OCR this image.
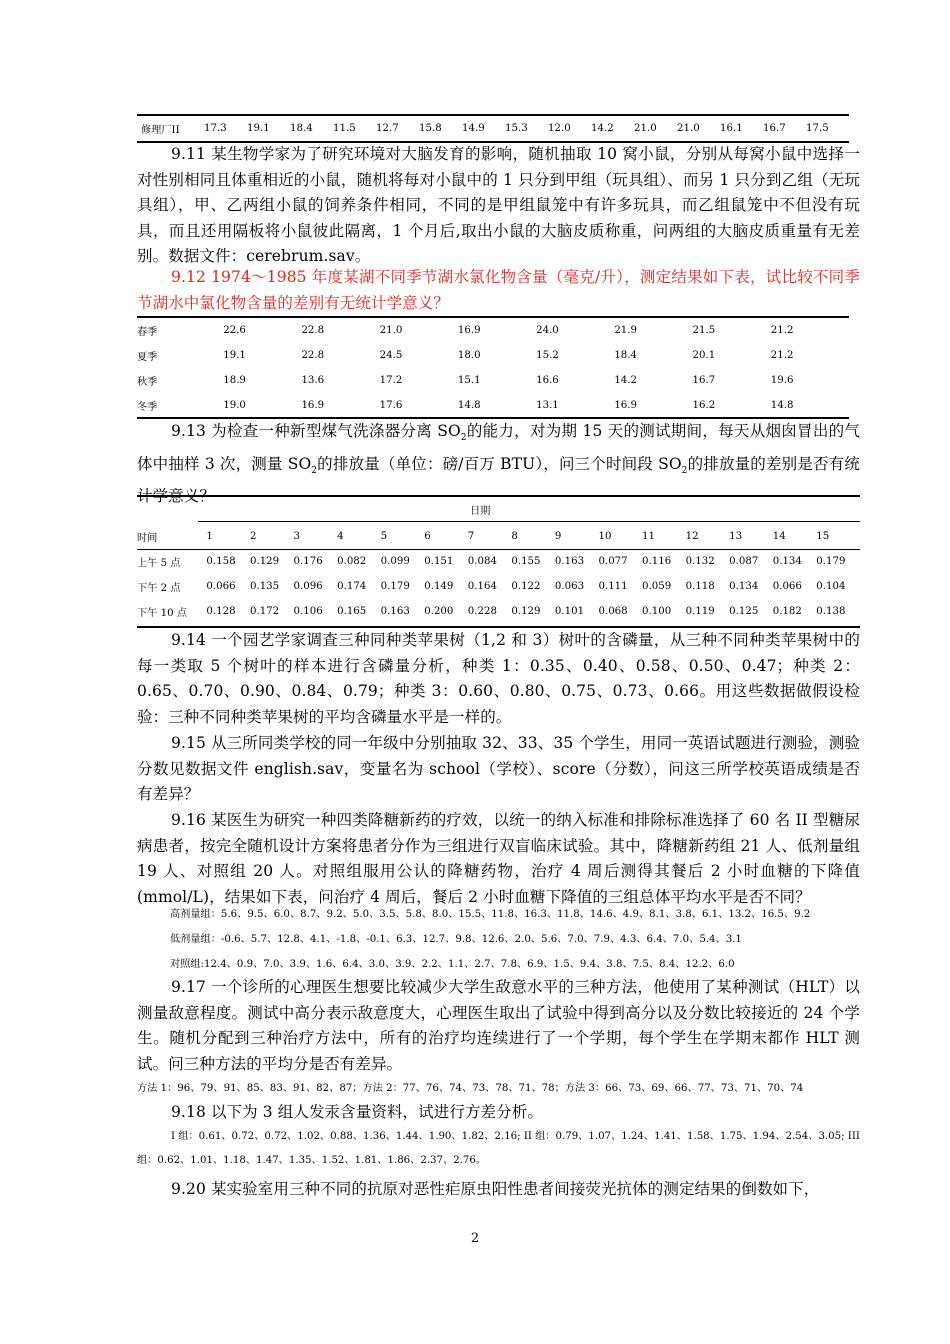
修理厂II	17.3	19.1	18.4	11.5	12.7	15.8	14.9	15.3	12.0	14.2	21.0	21.0	16.1	16.7	17.5
9.11 某生物学家为了研究环境对大脑发育的影响，随机抽取 10 窝小鼠，分别从每窝小鼠中选择一对性别相同且体重相近的小鼠，随机将每对小鼠中的 1 只分到甲组（玩具组）、而另 1 只分到乙组（无玩具组），甲、乙两组小鼠的饲养条件相同，不同的是甲组鼠笼中有许多玩具，而乙组鼠笼中不但没有玩具，而且还用隔板将小鼠彼此隔离，1 个月后,取出小鼠的大脑皮质称重，问两组的大脑皮质重量有无差别。数据文件：cerebrum.sav。
9.12 1974～1985 年度某湖不同季节湖水氯化物含量（毫克/升），测定结果如下表，试比较不同季节湖水中氯化物含量的差别有无统计学意义？
春季	22.6	22.8	21.0	16.9	24.0	21.9	21.5	21.2
夏季	19.1	22.8	24.5	18.0	15.2	18.4	20.1	21.2
秋季	18.9	13.6	17.2	15.1	16.6	14.2	16.7	19.6
冬季	19.0	16.9	17.6	14.8	13.1	16.9	16.2	14.8
9.13 为检查一种新型煤气洗涤器分离 $SO_2$的能力，对为期 15 天的测试期间，每天从烟囱冒出的气体中抽样 3 次，测量 $SO_2$的排放量（单位：磅/百万 BTU），问三个时间段 $SO_2$的排放量的差别是否有统
日期
时间	1	2	3	4	5	6	7	8	9	10	11	12	13	14	15
上午 5 点	0.158	0.129	0.176	0.082	0.099	0.151	0.084	0.155	0.163	0.077	0.116	0.132	0.087	0.134	0.179
下午 2 点	0.066	0.135	0.096	0.174	0.179	0.149	0.164	0.122	0.063	0.111	0.059	0.118	0.134	0.066	0.104
下午 10 点	0.128	0.172	0.106	0.165	0.163	0.200	0.228	0.129	0.101	0.068	0.100	0.119	0.125	0.182	0.138
9.14 一个园艺学家调查三种同种类苹果树（1,2 和 3）树叶的含磷量，从三种不同种类苹果树中的每一类取 5 个树叶的样本进行含磷量分析，种类 1：0.35、0.40、0.58、0.50、0.47；种类 2：0.65、0.70、0.90、0.84、0.79；种类 3：0.60、0.80、0.75、0.73、0.66。用这些数据做假设检验：三种不同种类苹果树的平均含磷量水平是一样的。
9.15 从三所同类学校的同一年级中分别抽取 32、33、35 个学生，用同一英语试题进行测验，测验分数见数据文件 english.sav，变量名为 school（学校）、score（分数），问这三所学校英语成绩是否有差异？
9.16 某医生为研究一种四类降糖新药的疗效，以统一的纳入标准和排除标准选择了 60 名 II 型糖尿病患者，按完全随机设计方案将患者分作为三组进行双盲临床试验。其中，降糖新药组 21 人、低剂量组 19 人、对照组 20 人。对照组服用公认的降糖药物，治疗 4 周后测得其餐后 2 小时血糖的下降值(mmol/L)，结果如下表，问治疗 4 周后，餐后 2 小时血糖下降值的三组总体平均水平是否不同？
高剂量组：5.6、9.5、6.0、8.7、9.2、5.0、3.5、5.8、8.0、15.5、11.8、16.3、11.8、14.6、4.9、8.1、3.8、6.1、13.2、16.5、9.2
低剂量组：-0.6、5.7、12.8、4.1、-1.8、-0.1、6.3、12.7、9.8、12.6、2.0、5.6、7.0、7.9、4.3、6.4、7.0、5.4、3.1
对照组:12.4、0.9、7.0、3.9、1.6、6.4、3.0、3.9、2.2、1.1、2.7、7.8、6.9、1.5、9.4、3.8、7.5、8.4、12.2、6.0
9.17 一个诊所的心理医生想要比较减少大学生敌意水平的三种方法，他使用了某种测试（HLT）以测量敌意程度。测试中高分表示敌意度大，心理医生取出了试验中得到高分以及分数比较接近的 24 个学生。随机分配到三种治疗方法中，所有的治疗均连续进行了一个学期，每个学生在学期末都作 HLT 测试。问三种方法的平均分是否有差异。
方法 1：96、79、91、85、83、91、82、87；方法 2：77、76、74、73、78、71、78；方法 3：66、73、69、66、77、73、71、70、74
9.18 以下为 3 组人发汞含量资料，试进行方差分析。
I 组：0.61、0.72、0.72、1.02、0.88、1.36、1.44、1.90、1.82、2.16; II 组：0.79、1.07、1.24、1.41、1.58、1.75、1.94、2.54、3.05; III 组：0.62、1.01、1.18、1.47、1.35、1.52、1.81、1.86、2.37、2.76。
9.20 某实验室用三种不同的抗原对恶性疟原虫阳性患者间接荧光抗体的测定结果的倒数如下，
2
